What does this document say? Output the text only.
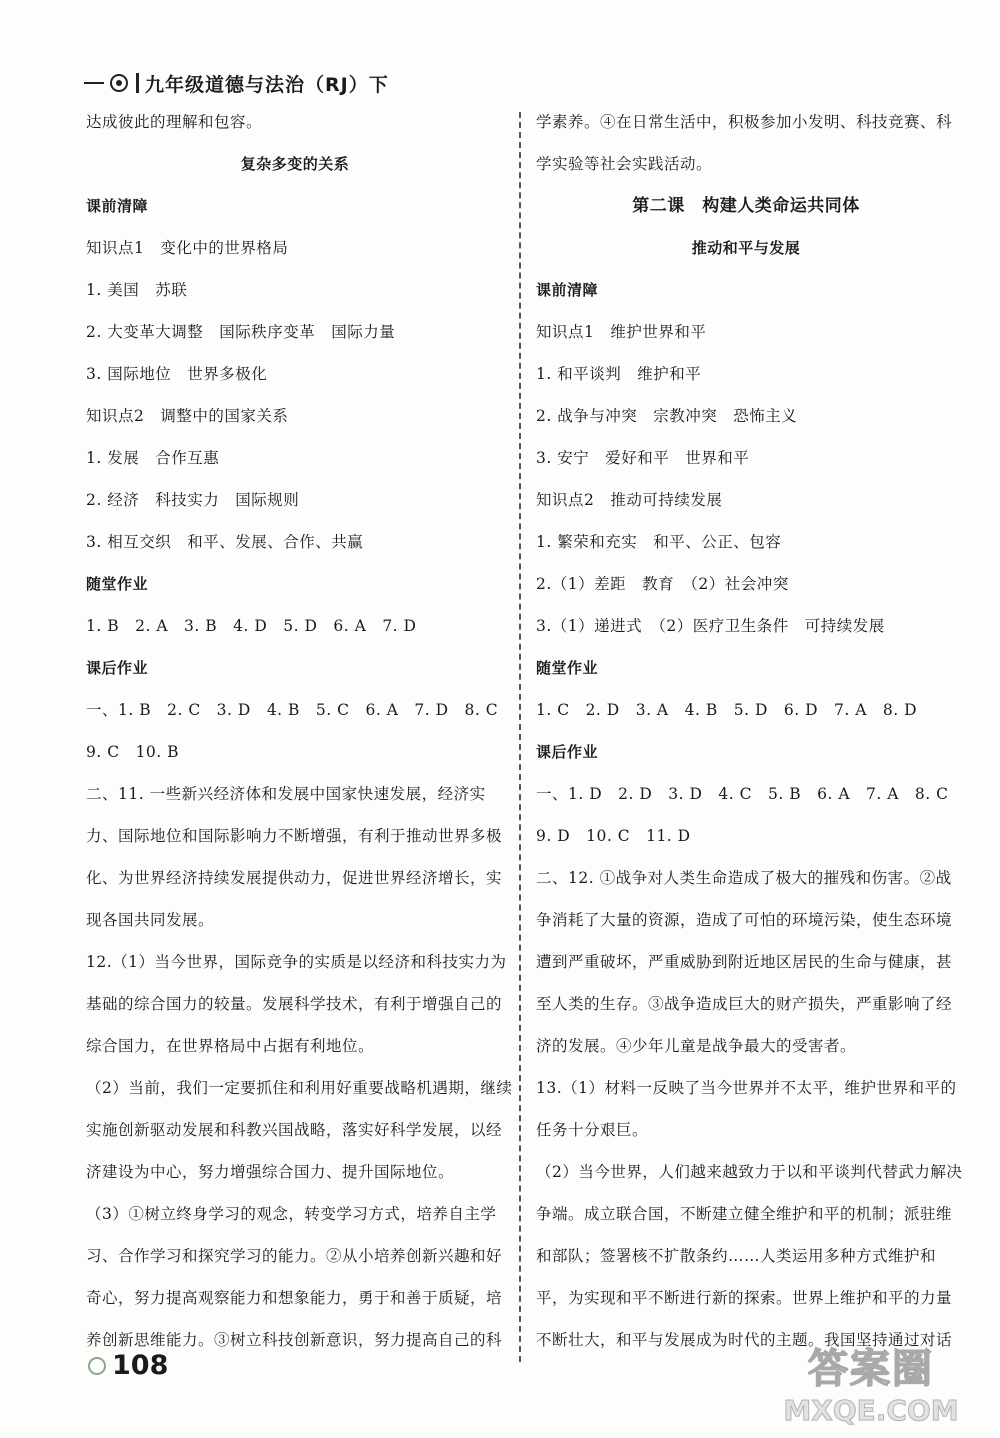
九年级道德与法治（RJ）下
达成彼此的理解和包容。
复杂多变的关系
课前清障
知识点1　变化中的世界格局
1. 美国　苏联
2. 大变革大调整　国际秩序变革　国际力量
3. 国际地位　世界多极化
知识点2　调整中的国家关系
1. 发展　合作互惠
2. 经济　科技实力　国际规则
3. 相互交织　和平、发展、合作、共赢
随堂作业
1. B　2. A　3. B　4. D　5. D　6. A　7. D
课后作业
一、1. B　2. C　3. D　4. B　5. C　6. A　7. D　8. C
9. C　10. B
二、11. 一些新兴经济体和发展中国家快速发展，经济实
力、国际地位和国际影响力不断增强，有利于推动世界多极
化、为世界经济持续发展提供动力，促进世界经济增长，实
现各国共同发展。
12.（1）当今世界，国际竞争的实质是以经济和科技实力为
基础的综合国力的较量。发展科学技术，有利于增强自己的
综合国力，在世界格局中占据有利地位。
（2）当前，我们一定要抓住和利用好重要战略机遇期，继续
实施创新驱动发展和科教兴国战略，落实好科学发展，以经
济建设为中心，努力增强综合国力、提升国际地位。
（3）①树立终身学习的观念，转变学习方式，培养自主学
习、合作学习和探究学习的能力。②从小培养创新兴趣和好
奇心，努力提高观察能力和想象能力，勇于和善于质疑，培
养创新思维能力。③树立科技创新意识，努力提高自己的科
学素养。④在日常生活中，积极参加小发明、科技竞赛、科
学实验等社会实践活动。
第二课　构建人类命运共同体
推动和平与发展
课前清障
知识点1　维护世界和平
1. 和平谈判　维护和平
2. 战争与冲突　宗教冲突　恐怖主义
3. 安宁　爱好和平　世界和平
知识点2　推动可持续发展
1. 繁荣和充实　和平、公正、包容
2.（1）差距　教育　（2）社会冲突
3.（1）递进式　（2）医疗卫生条件　可持续发展
随堂作业
1. C　2. D　3. A　4. B　5. D　6. D　7. A　8. D
课后作业
一、1. D　2. D　3. D　4. C　5. B　6. A　7. A　8. C
9. D　10. C　11. D
二、12. ①战争对人类生命造成了极大的摧残和伤害。②战
争消耗了大量的资源，造成了可怕的环境污染，使生态环境
遭到严重破坏，严重威胁到附近地区居民的生命与健康，甚
至人类的生存。③战争造成巨大的财产损失，严重影响了经
济的发展。④少年儿童是战争最大的受害者。
13.（1）材料一反映了当今世界并不太平，维护世界和平的
任务十分艰巨。
（2）当今世界，人们越来越致力于以和平谈判代替武力解决
争端。成立联合国，不断建立健全维护和平的机制；派驻维
和部队；签署核不扩散条约……人类运用多种方式维护和
平，为实现和平不断进行新的探索。世界上维护和平的力量
不断壮大，和平与发展成为时代的主题。我国坚持通过对话
108	答案圈
MXQE.COM
